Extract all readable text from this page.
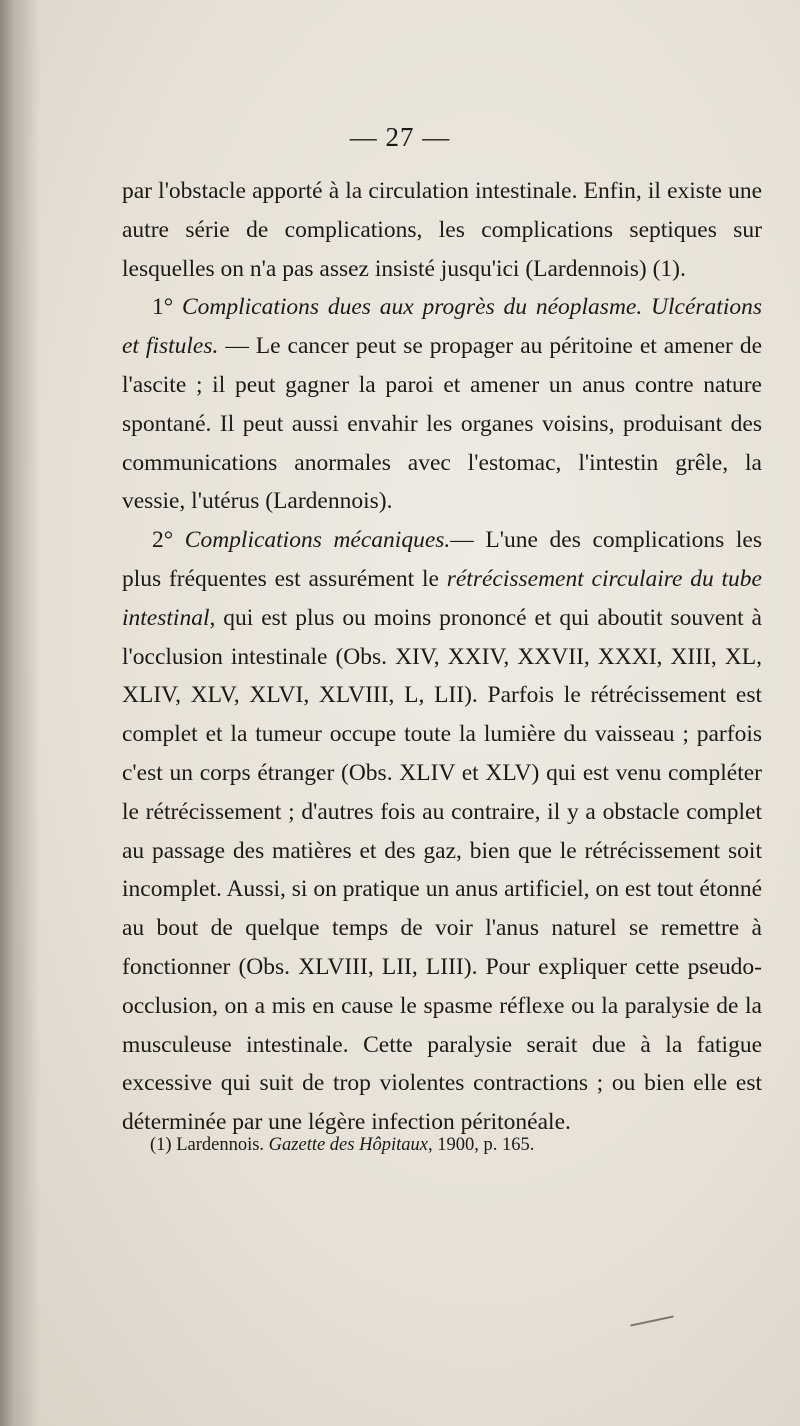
— 27 —

par l'obstacle apporté à la circulation intestinale. Enfin, il existe une autre série de complications, les complications septiques sur lesquelles on n'a pas assez insisté jusqu'ici (Lardennois) (1).

1° Complications dues aux progrès du néoplasme. Ulcérations et fistules. — Le cancer peut se propager au péritoine et amener de l'ascite ; il peut gagner la paroi et amener un anus contre nature spontané. Il peut aussi envahir les organes voisins, produisant des communications anormales avec l'estomac, l'intestin grêle, la vessie, l'utérus (Lardennois).

2° Complications mécaniques.— L'une des complications les plus fréquentes est assurément le rétrécissement circulaire du tube intestinal, qui est plus ou moins prononcé et qui aboutit souvent à l'occlusion intestinale (Obs. XIV, XXIV, XXVII, XXXI, XIII, XL, XLIV, XLV, XLVI, XLVIII, L, LII). Parfois le rétrécissement est complet et la tumeur occupe toute la lumière du vaisseau ; parfois c'est un corps étranger (Obs. XLIV et XLV) qui est venu compléter le rétrécissement ; d'autres fois au contraire, il y a obstacle complet au passage des matières et des gaz, bien que le rétrécissement soit incomplet. Aussi, si on pratique un anus artificiel, on est tout étonné au bout de quelque temps de voir l'anus naturel se remettre à fonctionner (Obs. XLVIII, LII, LIII). Pour expliquer cette pseudo-occlusion, on a mis en cause le spasme réflexe ou la paralysie de la musculeuse intestinale. Cette paralysie serait due à la fatigue excessive qui suit de trop violentes contractions ; ou bien elle est déterminée par une légère infection péritonéale.

(1) Lardennois. Gazette des Hôpitaux, 1900, p. 165.
